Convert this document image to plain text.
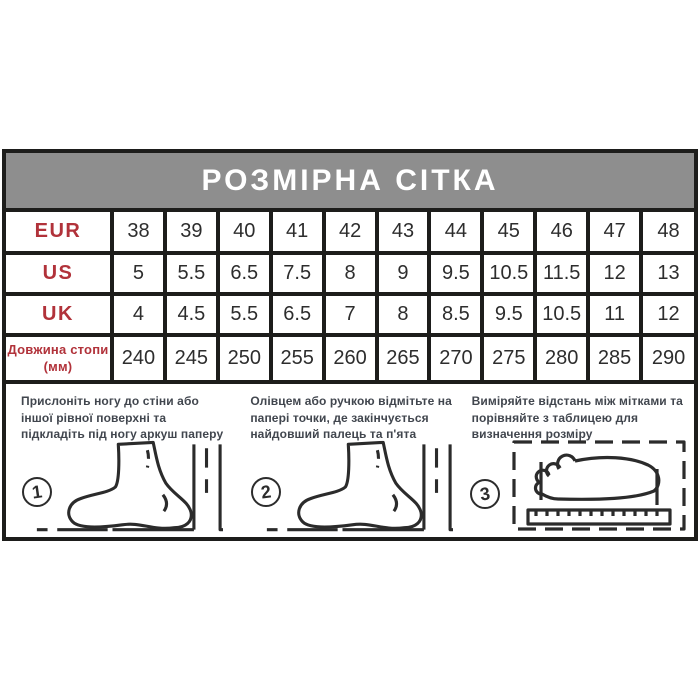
РОЗМІРНА СІТКА
EUR	38	39	40	41	42	43	44	45	46	47	48
US	5	5.5	6.5	7.5	8	9	9.5	10.5	11.5	12	13
UK	4	4.5	5.5	6.5	7	8	8.5	9.5	10.5	11	12
Довжина стопи (мм)	240	245	250	255	260	265	270	275	280	285	290

Прислоніть ногу до стіни або іншої рівної поверхні та підкладіть під ногу аркуш паперу

1

Олівцем або ручкою відмітьте на папері точки, де закінчується найдовший палець та п'ята

2

Виміряйте відстань між мітками та порівняйте з таблицею для визначення розміру

3
